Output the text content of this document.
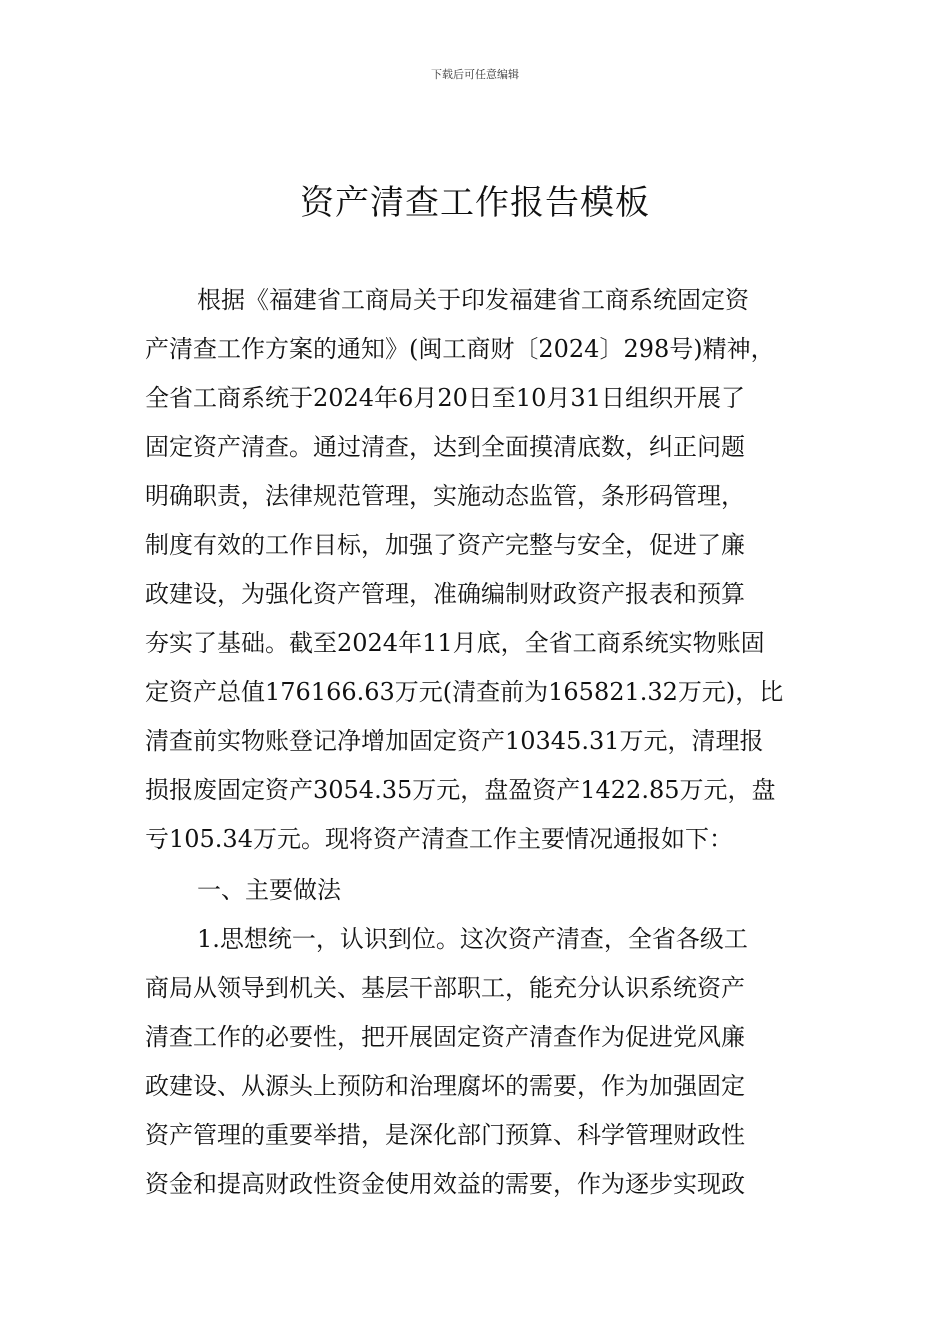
下载后可任意编辑
资产清查工作报告模板
根据《福建省工商局关于印发福建省工商系统固定资
产清查工作方案的通知》(闽工商财〔2024〕298号)精神，
全省工商系统于2024年6月20日至10月31日组织开展了
固定资产清查。通过清查，达到全面摸清底数，纠正问题
明确职责，法律规范管理，实施动态监管，条形码管理，
制度有效的工作目标，加强了资产完整与安全，促进了廉
政建设，为强化资产管理，准确编制财政资产报表和预算
夯实了基础。截至2024年11月底，全省工商系统实物账固
定资产总值176166.63万元(清查前为165821.32万元)，比
清查前实物账登记净增加固定资产10345.31万元，清理报
损报废固定资产3054.35万元，盘盈资产1422.85万元，盘
亏105.34万元。现将资产清查工作主要情况通报如下：
一、主要做法
1.思想统一，认识到位。这次资产清查，全省各级工
商局从领导到机关、基层干部职工，能充分认识系统资产
清查工作的必要性，把开展固定资产清查作为促进党风廉
政建设、从源头上预防和治理腐坏的需要，作为加强固定
资产管理的重要举措，是深化部门预算、科学管理财政性
资金和提高财政性资金使用效益的需要，作为逐步实现政
